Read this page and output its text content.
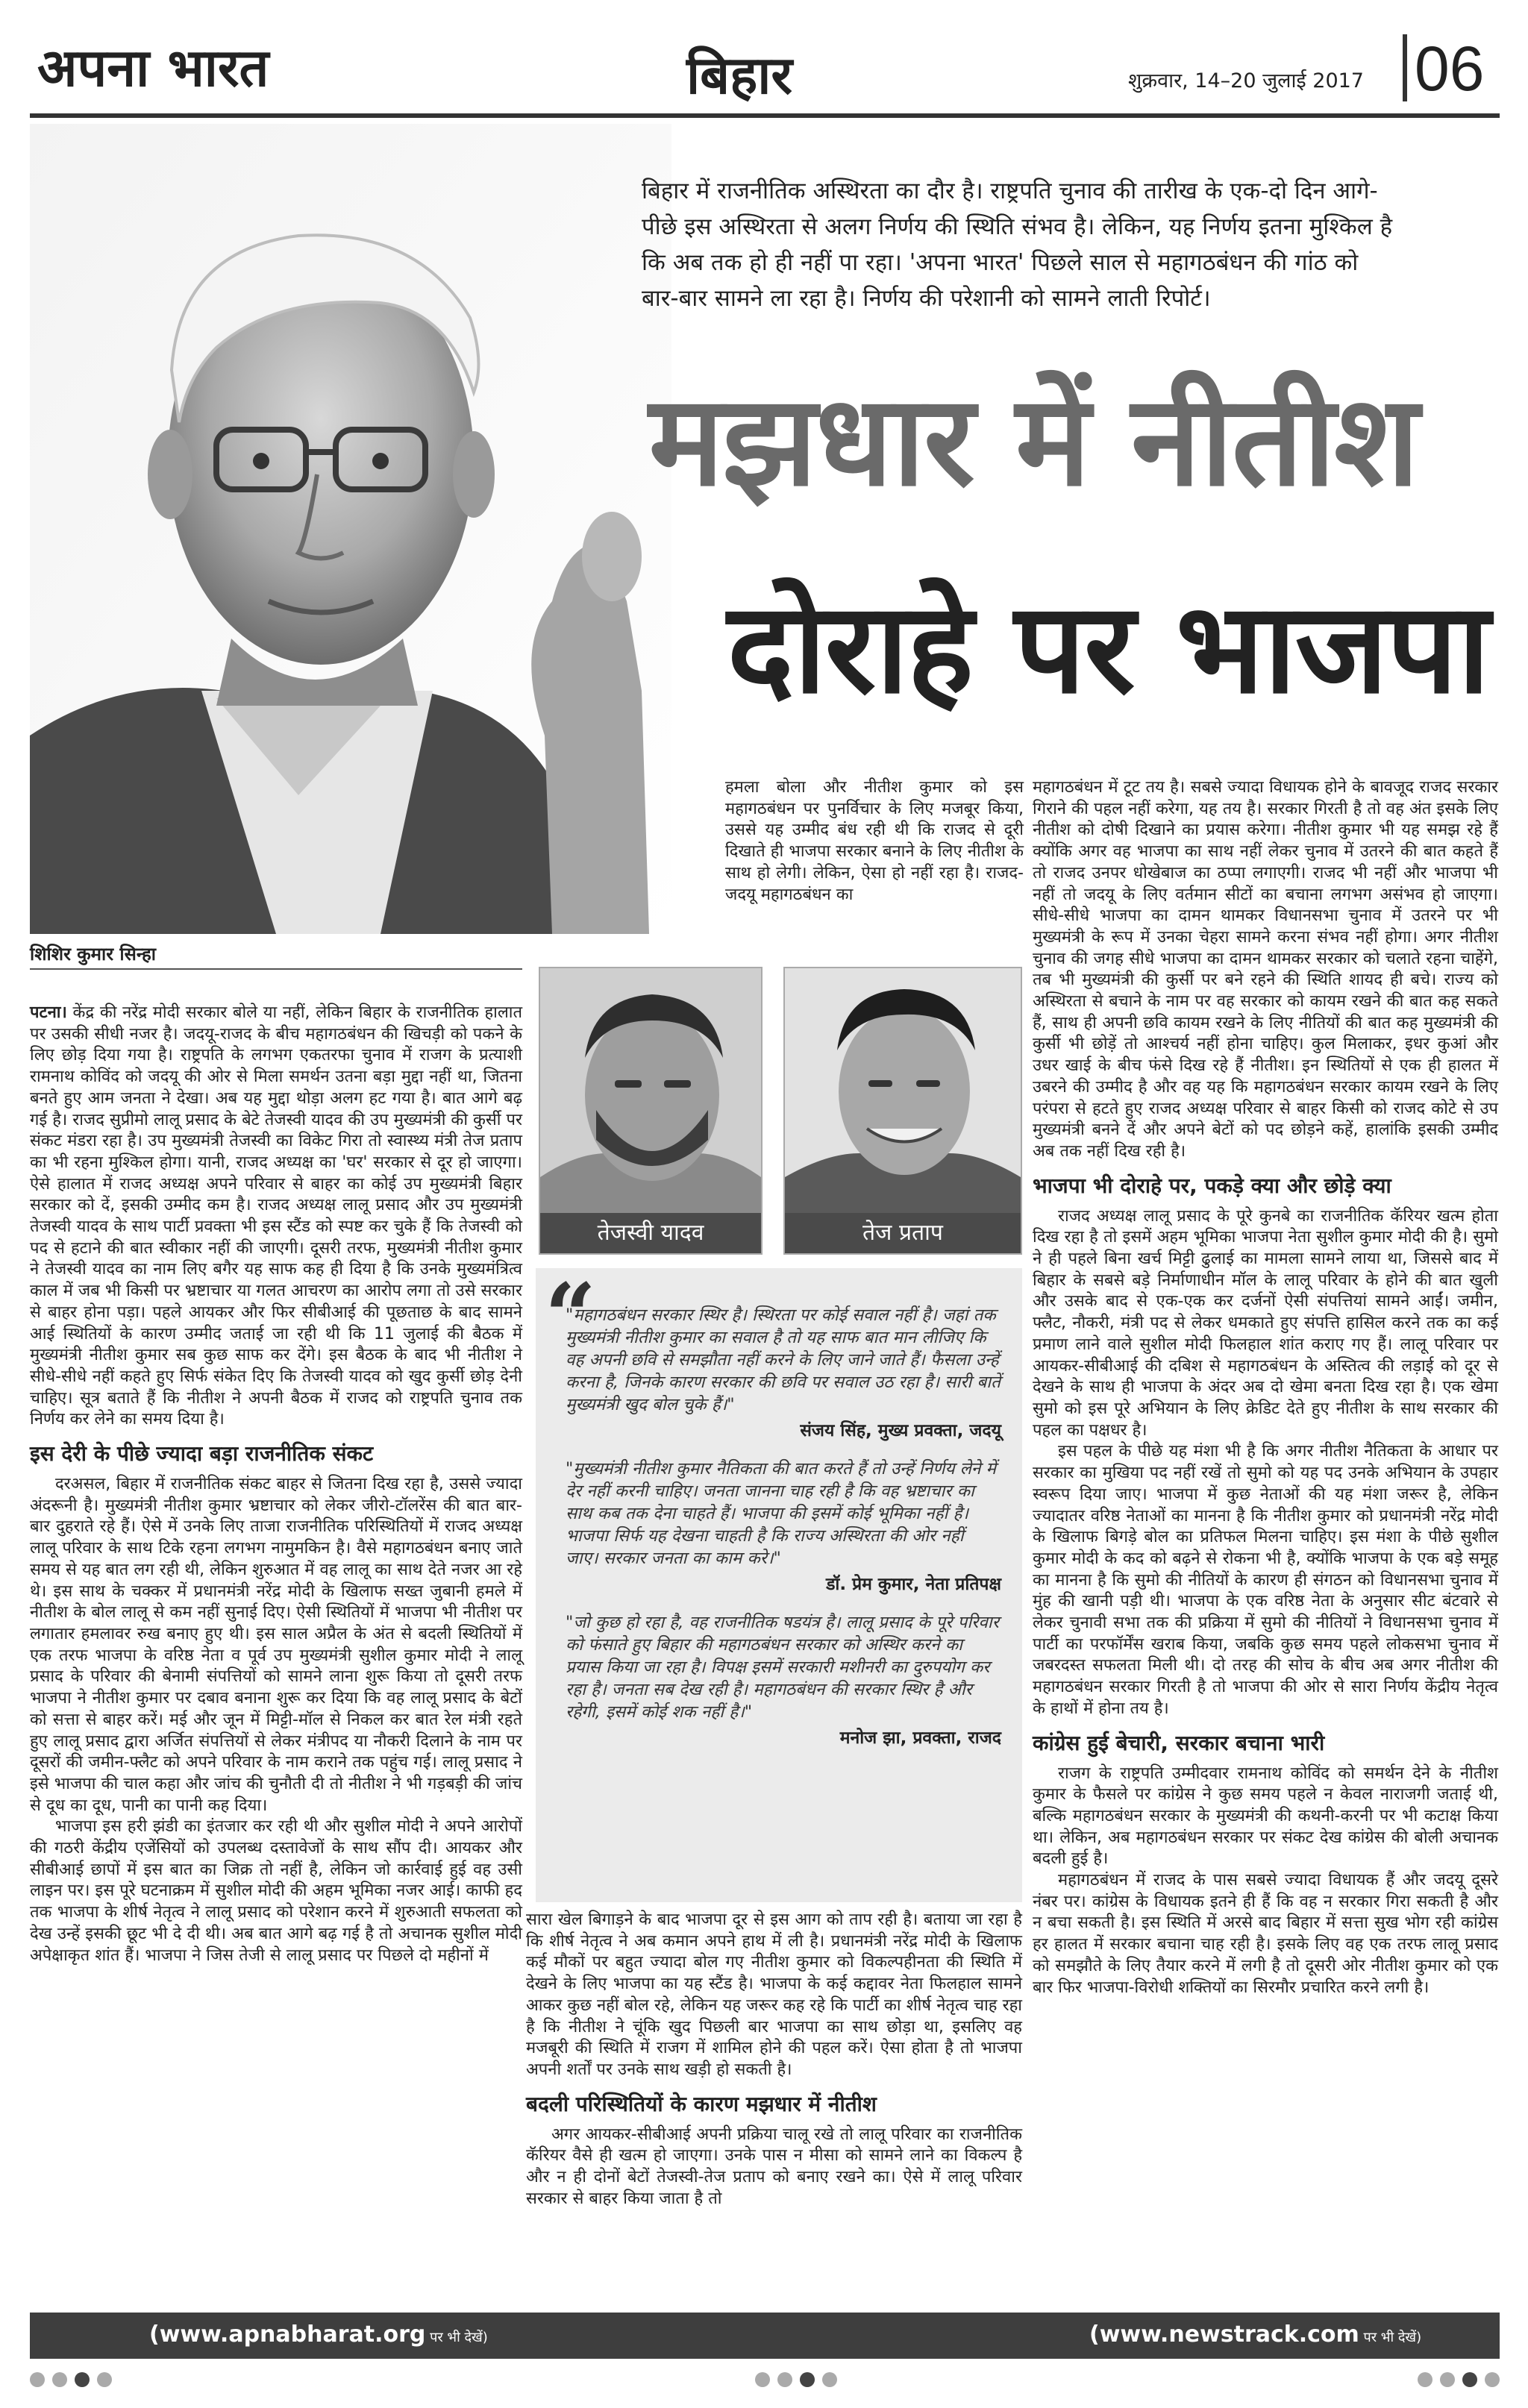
अपना भारत	बिहार	शुक्रवार, 14–20 जुलाई 2017 06
बिहार में राजनीतिक अस्थिरता का दौर है। राष्ट्रपति चुनाव की तारीख के एक-दो दिन आगे-पीछे इस अस्थिरता से अलग निर्णय की स्थिति संभव है। लेकिन, यह निर्णय इतना मुश्किल है कि अब तक हो ही नहीं पा रहा। 'अपना भारत' पिछले साल से महागठबंधन की गांठ को बार-बार सामने ला रहा है। निर्णय की परेशानी को सामने लाती रिपोर्ट।
मझधार में नीतीश
दोराहे पर भाजपा
शिशिर कुमार सिन्हा

पटना। केंद्र की नरेंद्र मोदी सरकार बोले या नहीं, लेकिन बिहार के राजनीतिक हालात पर उसकी सीधी नजर है। जदयू-राजद के बीच महागठबंधन की खिचड़ी को पकने के लिए छोड़ दिया गया है। राष्ट्रपति के लगभग एकतरफा चुनाव में राजग के प्रत्याशी रामनाथ कोविंद को जदयू की ओर से मिला समर्थन उतना बड़ा मुद्दा नहीं था, जितना बनते हुए आम जनता ने देखा। अब यह मुद्दा थोड़ा अलग हट गया है। बात आगे बढ़ गई है। राजद सुप्रीमो लालू प्रसाद के बेटे तेजस्वी यादव की उप मुख्यमंत्री की कुर्सी पर संकट मंडरा रहा है। उप मुख्यमंत्री तेजस्वी का विकेट गिरा तो स्वास्थ्य मंत्री तेज प्रताप का भी रहना मुश्किल होगा। यानी, राजद अध्यक्ष का 'घर' सरकार से दूर हो जाएगा। ऐसे हालात में राजद अध्यक्ष अपने परिवार से बाहर का कोई उप मुख्यमंत्री बिहार सरकार को दें, इसकी उम्मीद कम है। राजद अध्यक्ष लालू प्रसाद और उप मुख्यमंत्री तेजस्वी यादव के साथ पार्टी प्रवक्ता भी इस स्टैंड को स्पष्ट कर चुके हैं कि तेजस्वी को पद से हटाने की बात स्वीकार नहीं की जाएगी। दूसरी तरफ, मुख्यमंत्री नीतीश कुमार ने तेजस्वी यादव का नाम लिए बगैर यह साफ कह ही दिया है कि उनके मुख्यमंत्रित्व काल में जब भी किसी पर भ्रष्टाचार या गलत आचरण का आरोप लगा तो उसे सरकार से बाहर होना पड़ा। पहले आयकर और फिर सीबीआई की पूछताछ के बाद सामने आई स्थितियों के कारण उम्मीद जताई जा रही थी कि 11 जुलाई की बैठक में मुख्यमंत्री नीतीश कुमार सब कुछ साफ कर देंगे। इस बैठक के बाद भी नीतीश ने सीधे-सीधे नहीं कहते हुए सिर्फ संकेत दिए कि तेजस्वी यादव को खुद कुर्सी छोड़ देनी चाहिए। सूत्र बताते हैं कि नीतीश ने अपनी बैठक में राजद को राष्ट्रपति चुनाव तक निर्णय कर लेने का समय दिया है।

इस देरी के पीछे ज्यादा बड़ा राजनीतिक संकट

दरअसल, बिहार में राजनीतिक संकट बाहर से जितना दिख रहा है, उससे ज्यादा अंदरूनी है। मुख्यमंत्री नीतीश कुमार भ्रष्टाचार को लेकर जीरो-टॉलरेंस की बात बार-बार दुहराते रहे हैं। ऐसे में उनके लिए ताजा राजनीतिक परिस्थितियों में राजद अध्यक्ष लालू परिवार के साथ टिके रहना लगभग नामुमकिन है। वैसे महागठबंधन बनाए जाते समय से यह बात लग रही थी, लेकिन शुरुआत में वह लालू का साथ देते नजर आ रहे थे। इस साथ के चक्कर में प्रधानमंत्री नरेंद्र मोदी के खिलाफ सख्त जुबानी हमले में नीतीश के बोल लालू से कम नहीं सुनाई दिए। ऐसी स्थितियों में भाजपा भी नीतीश पर लगातार हमलावर रुख बनाए हुए थी। इस साल अप्रैल के अंत से बदली स्थितियों में एक तरफ भाजपा के वरिष्ठ नेता व पूर्व उप मुख्यमंत्री सुशील कुमार मोदी ने लालू प्रसाद के परिवार की बेनामी संपत्तियों को सामने लाना शुरू किया तो दूसरी तरफ भाजपा ने नीतीश कुमार पर दबाव बनाना शुरू कर दिया कि वह लालू प्रसाद के बेटों को सत्ता से बाहर करें। मई और जून में मिट्टी-मॉल से निकल कर बात रेल मंत्री रहते हुए लालू प्रसाद द्वारा अर्जित संपत्तियों से लेकर मंत्रीपद या नौकरी दिलाने के नाम पर दूसरों की जमीन-फ्लैट को अपने परिवार के नाम कराने तक पहुंच गई। लालू प्रसाद ने इसे भाजपा की चाल कहा और जांच की चुनौती दी तो नीतीश ने भी गड़बड़ी की जांच से दूध का दूध, पानी का पानी कह दिया।

भाजपा इस हरी झंडी का इंतजार कर रही थी और सुशील मोदी ने अपने आरोपों की गठरी केंद्रीय एजेंसियों को उपलब्ध दस्तावेजों के साथ सौंप दी। आयकर और सीबीआई छापों में इस बात का जिक्र तो नहीं है, लेकिन जो कार्रवाई हुई वह उसी लाइन पर। इस पूरे घटनाक्रम में सुशील मोदी की अहम भूमिका नजर आई। काफी हद तक भाजपा के शीर्ष नेतृत्व ने लालू प्रसाद को परेशान करने में शुरुआती सफलता को देख उन्हें इसकी छूट भी दे दी थी। अब बात आगे बढ़ गई है तो अचानक सुशील मोदी अपेक्षाकृत शांत हैं। भाजपा ने जिस तेजी से लालू प्रसाद पर पिछले दो महीनों में

हमला बोला और नीतीश कुमार को इस महागठबंधन पर पुनर्विचार के लिए मजबूर किया, उससे यह उम्मीद बंध रही थी कि राजद से दूरी दिखाते ही भाजपा सरकार बनाने के लिए नीतीश के साथ हो लेगी। लेकिन, ऐसा हो नहीं रहा है। राजद-जदयू महागठबंधन का

तेजस्वी यादव	तेज प्रताप
“
"महागठबंधन सरकार स्थिर है। स्थिरता पर कोई सवाल नहीं है। जहां तक मुख्यमंत्री नीतीश कुमार का सवाल है तो यह साफ बात मान लीजिए कि वह अपनी छवि से समझौता नहीं करने के लिए जाने जाते हैं। फैसला उन्हें करना है, जिनके कारण सरकार की छवि पर सवाल उठ रहा है। सारी बातें मुख्यमंत्री खुद बोल चुके हैं।"
संजय सिंह, मुख्य प्रवक्ता, जदयू
"मुख्यमंत्री नीतीश कुमार नैतिकता की बात करते हैं तो उन्हें निर्णय लेने में देर नहीं करनी चाहिए। जनता जानना चाह रही है कि वह भ्रष्टाचार का साथ कब तक देना चाहते हैं। भाजपा की इसमें कोई भूमिका नहीं है। भाजपा सिर्फ यह देखना चाहती है कि राज्य अस्थिरता की ओर नहीं जाए। सरकार जनता का काम करे।"
डॉ. प्रेम कुमार, नेता प्रतिपक्ष
"जो कुछ हो रहा है, वह राजनीतिक षडयंत्र है। लालू प्रसाद के पूरे परिवार को फंसाते हुए बिहार की महागठबंधन सरकार को अस्थिर करने का प्रयास किया जा रहा है। विपक्ष इसमें सरकारी मशीनरी का दुरुपयोग कर रहा है। जनता सब देख रही है। महागठबंधन की सरकार स्थिर है और रहेगी, इसमें कोई शक नहीं है।"
मनोज झा, प्रवक्ता, राजद

सारा खेल बिगाड़ने के बाद भाजपा दूर से इस आग को ताप रही है। बताया जा रहा है कि शीर्ष नेतृत्व ने अब कमान अपने हाथ में ली है। प्रधानमंत्री नरेंद्र मोदी के खिलाफ कई मौकों पर बहुत ज्यादा बोल गए नीतीश कुमार को विकल्पहीनता की स्थिति में देखने के लिए भाजपा का यह स्टैंड है। भाजपा के कई कद्दावर नेता फिलहाल सामने आकर कुछ नहीं बोल रहे, लेकिन यह जरूर कह रहे कि पार्टी का शीर्ष नेतृत्व चाह रहा है कि नीतीश ने चूंकि खुद पिछली बार भाजपा का साथ छोड़ा था, इसलिए वह मजबूरी की स्थिति में राजग में शामिल होने की पहल करें। ऐसा होता है तो भाजपा अपनी शर्तों पर उनके साथ खड़ी हो सकती है।

बदली परिस्थितियों के कारण मझधार में नीतीश

अगर आयकर-सीबीआई अपनी प्रक्रिया चालू रखे तो लालू परिवार का राजनीतिक कॅरियर वैसे ही खत्म हो जाएगा। उनके पास न मीसा को सामने लाने का विकल्प है और न ही दोनों बेटों तेजस्वी-तेज प्रताप को बनाए रखने का। ऐसे में लालू परिवार सरकार से बाहर किया जाता है तो

महागठबंधन में टूट तय है। सबसे ज्यादा विधायक होने के बावजूद राजद सरकार गिराने की पहल नहीं करेगा, यह तय है। सरकार गिरती है तो वह अंत इसके लिए नीतीश को दोषी दिखाने का प्रयास करेगा। नीतीश कुमार भी यह समझ रहे हैं क्योंकि अगर वह भाजपा का साथ नहीं लेकर चुनाव में उतरने की बात कहते हैं तो राजद उनपर धोखेबाज का ठप्पा लगाएगी। राजद भी नहीं और भाजपा भी नहीं तो जदयू के लिए वर्तमान सीटों का बचाना लगभग असंभव हो जाएगा। सीधे-सीधे भाजपा का दामन थामकर विधानसभा चुनाव में उतरने पर भी मुख्यमंत्री के रूप में उनका चेहरा सामने करना संभव नहीं होगा। अगर नीतीश चुनाव की जगह सीधे भाजपा का दामन थामकर सरकार को चलाते रहना चाहेंगे, तब भी मुख्यमंत्री की कुर्सी पर बने रहने की स्थिति शायद ही बचे। राज्य को अस्थिरता से बचाने के नाम पर वह सरकार को कायम रखने की बात कह सकते हैं, साथ ही अपनी छवि कायम रखने के लिए नीतियों की बात कह मुख्यमंत्री की कुर्सी भी छोड़ें तो आश्चर्य नहीं होना चाहिए। कुल मिलाकर, इधर कुआं और उधर खाई के बीच फंसे दिख रहे हैं नीतीश। इन स्थितियों से एक ही हालत में उबरने की उम्मीद है और वह यह कि महागठबंधन सरकार कायम रखने के लिए परंपरा से हटते हुए राजद अध्यक्ष परिवार से बाहर किसी को राजद कोटे से उप मुख्यमंत्री बनने दें और अपने बेटों को पद छोड़ने कहें, हालांकि इसकी उम्मीद अब तक नहीं दिख रही है।

भाजपा भी दोराहे पर, पकड़े क्या और छोड़े क्या

राजद अध्यक्ष लालू प्रसाद के पूरे कुनबे का राजनीतिक कॅरियर खत्म होता दिख रहा है तो इसमें अहम भूमिका भाजपा नेता सुशील कुमार मोदी की है। सुमो ने ही पहले बिना खर्च मिट्टी ढुलाई का मामला सामने लाया था, जिससे बाद में बिहार के सबसे बड़े निर्माणाधीन मॉल के लालू परिवार के होने की बात खुली और उसके बाद से एक-एक कर दर्जनों ऐसी संपत्तियां सामने आईं। जमीन, फ्लैट, नौकरी, मंत्री पद से लेकर धमकाते हुए संपत्ति हासिल करने तक का कई प्रमाण लाने वाले सुशील मोदी फिलहाल शांत कराए गए हैं। लालू परिवार पर आयकर-सीबीआई की दबिश से महागठबंधन के अस्तित्व की लड़ाई को दूर से देखने के साथ ही भाजपा के अंदर अब दो खेमा बनता दिख रहा है। एक खेमा सुमो को इस पूरे अभियान के लिए क्रेडिट देते हुए नीतीश के साथ सरकार की पहल का पक्षधर है।

इस पहल के पीछे यह मंशा भी है कि अगर नीतीश नैतिकता के आधार पर सरकार का मुखिया पद नहीं रखें तो सुमो को यह पद उनके अभियान के उपहार स्वरूप दिया जाए। भाजपा में कुछ नेताओं की यह मंशा जरूर है, लेकिन ज्यादातर वरिष्ठ नेताओं का मानना है कि नीतीश कुमार को प्रधानमंत्री नरेंद्र मोदी के खिलाफ बिगड़े बोल का प्रतिफल मिलना चाहिए। इस मंशा के पीछे सुशील कुमार मोदी के कद को बढ़ने से रोकना भी है, क्योंकि भाजपा के एक बड़े समूह का मानना है कि सुमो की नीतियों के कारण ही संगठन को विधानसभा चुनाव में मुंह की खानी पड़ी थी। भाजपा के एक वरिष्ठ नेता के अनुसार सीट बंटवारे से लेकर चुनावी सभा तक की प्रक्रिया में सुमो की नीतियों ने विधानसभा चुनाव में पार्टी का परफॉर्मेंस खराब किया, जबकि कुछ समय पहले लोकसभा चुनाव में जबरदस्त सफलता मिली थी। दो तरह की सोच के बीच अब अगर नीतीश की महागठबंधन सरकार गिरती है तो भाजपा की ओर से सारा निर्णय केंद्रीय नेतृत्व के हाथों में होना तय है।

कांग्रेस हुई बेचारी, सरकार बचाना भारी

राजग के राष्ट्रपति उम्मीदवार रामनाथ कोविंद को समर्थन देने के नीतीश कुमार के फैसले पर कांग्रेस ने कुछ समय पहले न केवल नाराजगी जताई थी, बल्कि महागठबंधन सरकार के मुख्यमंत्री की कथनी-करनी पर भी कटाक्ष किया था। लेकिन, अब महागठबंधन सरकार पर संकट देख कांग्रेस की बोली अचानक बदली हुई है।

महागठबंधन में राजद के पास सबसे ज्यादा विधायक हैं और जदयू दूसरे नंबर पर। कांग्रेस के विधायक इतने ही हैं कि वह न सरकार गिरा सकती है और न बचा सकती है। इस स्थिति में अरसे बाद बिहार में सत्ता सुख भोग रही कांग्रेस हर हालत में सरकार बचाना चाह रही है। इसके लिए वह एक तरफ लालू प्रसाद को समझौते के लिए तैयार करने में लगी है तो दूसरी ओर नीतीश कुमार को एक बार फिर भाजपा-विरोधी शक्तियों का सिरमौर प्रचारित करने लगी है।

(www.apnabharat.org पर भी देखें)	(www.newstrack.com पर भी देखें)
